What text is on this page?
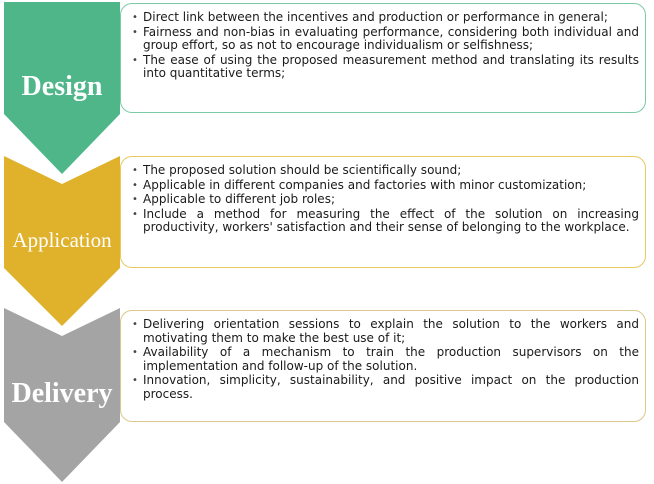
Design
• Direct link between the incentives and production or performance in general;
• Fairness and non-bias in evaluating performance, considering both individual and group effort, so as not to encourage individualism or selfishness;
• The ease of using the proposed measurement method and translating its results into quantitative terms;
Application
• The proposed solution should be scientifically sound;
• Applicable in different companies and factories with minor customization;
• Applicable to different job roles;
• Include a method for measuring the effect of the solution on increasing productivity, workers' satisfaction and their sense of belonging to the workplace.
Delivery
• Delivering orientation sessions to explain the solution to the workers and motivating them to make the best use of it;
• Availability of a mechanism to train the production supervisors on the implementation and follow-up of the solution.
• Innovation, simplicity, sustainability, and positive impact on the production process.
